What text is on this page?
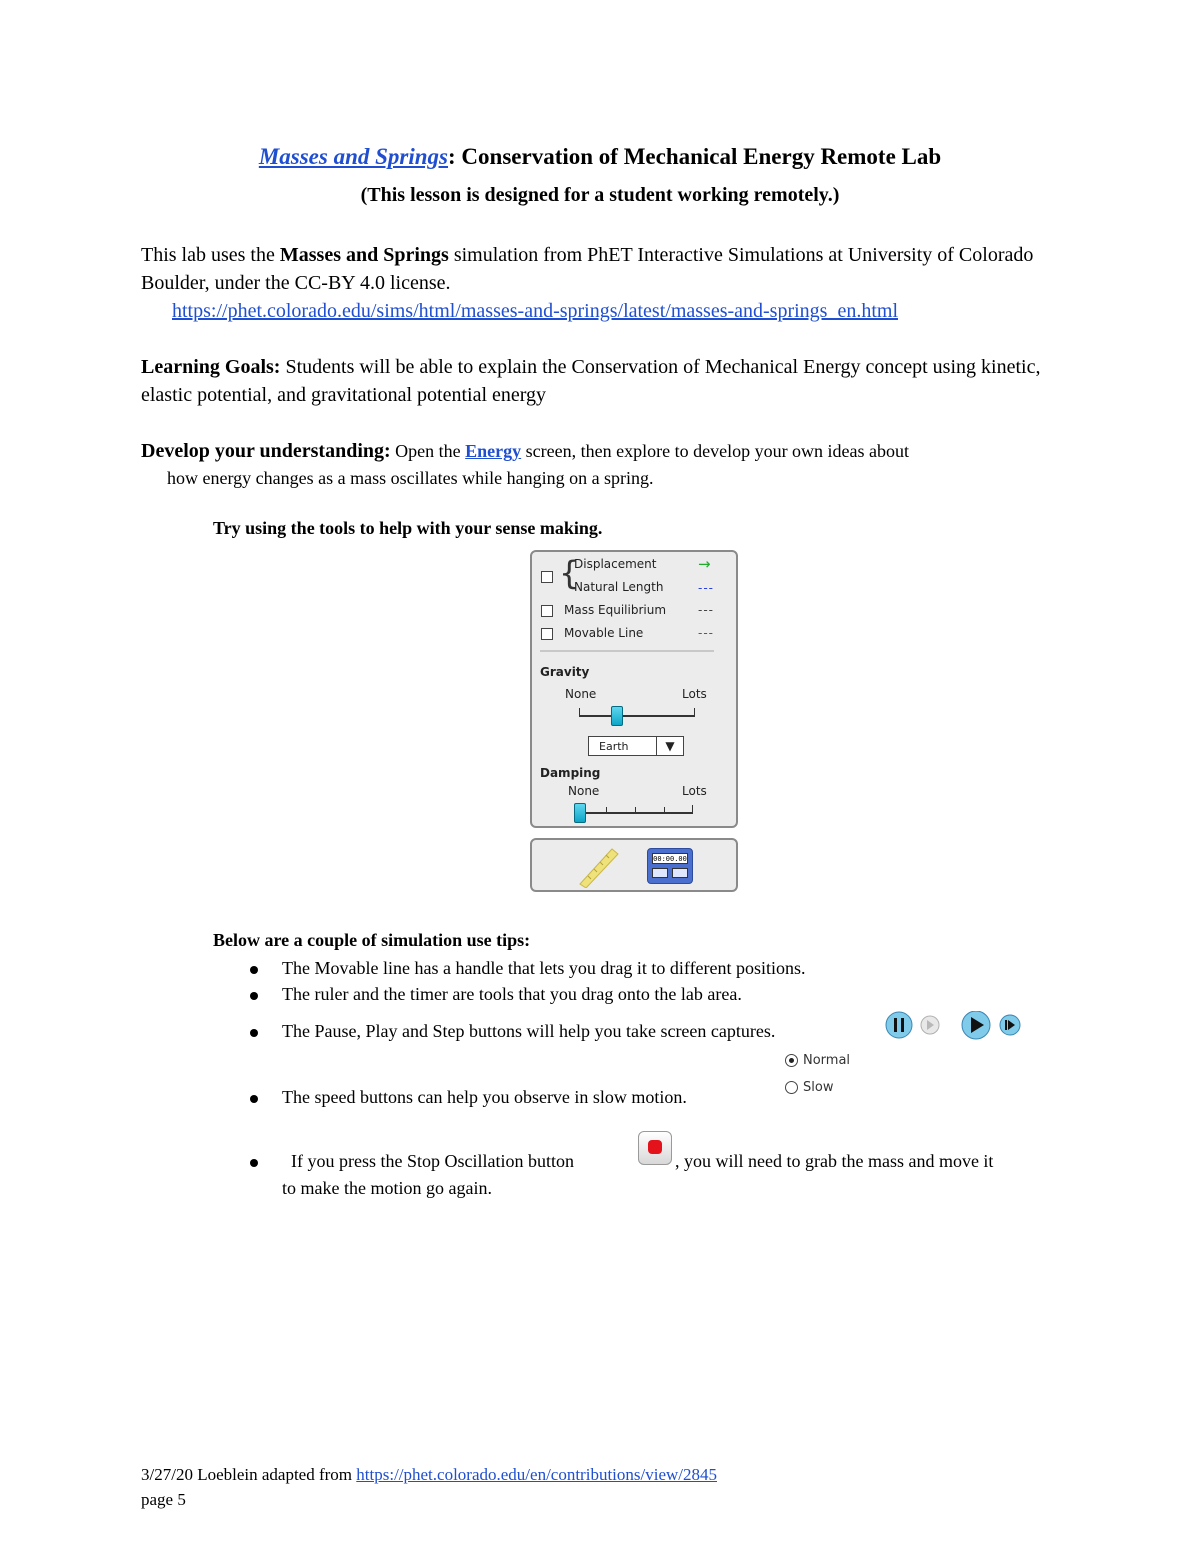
Masses and Springs: Conservation of Mechanical Energy Remote Lab
(This lesson is designed for a student working remotely.)
This lab uses the Masses and Springs simulation from PhET Interactive Simulations at University of Colorado Boulder, under the CC-BY 4.0 license.
https://phet.colorado.edu/sims/html/masses-and-springs/latest/masses-and-springs_en.html
Learning Goals: Students will be able to explain the Conservation of Mechanical Energy concept using kinetic, elastic potential, and gravitational potential energy
Develop your understanding: Open the Energy screen, then explore to develop your own ideas about
how energy changes as a mass oscillates while hanging on a spring.
Try using the tools to help with your sense making.
{
Displacement
Natural Length
→
---
Mass Equilibrium	---
Movable Line	---
Gravity
None	Lots
Earth	▼
Damping
None	Lots
00:00.00
Below are a couple of simulation use tips:
The Movable line has a handle that lets you drag it to different positions.
The ruler and the timer are tools that you drag onto the lab area.
The Pause, Play and Step buttons will help you take screen captures.
Normal
Slow
The speed buttons can help you observe in slow motion.
If you press the Stop Oscillation button	, you will need to grab the mass and move it
to make the motion go again.
3/27/20 Loeblein adapted from https://phet.colorado.edu/en/contributions/view/2845
page 5
